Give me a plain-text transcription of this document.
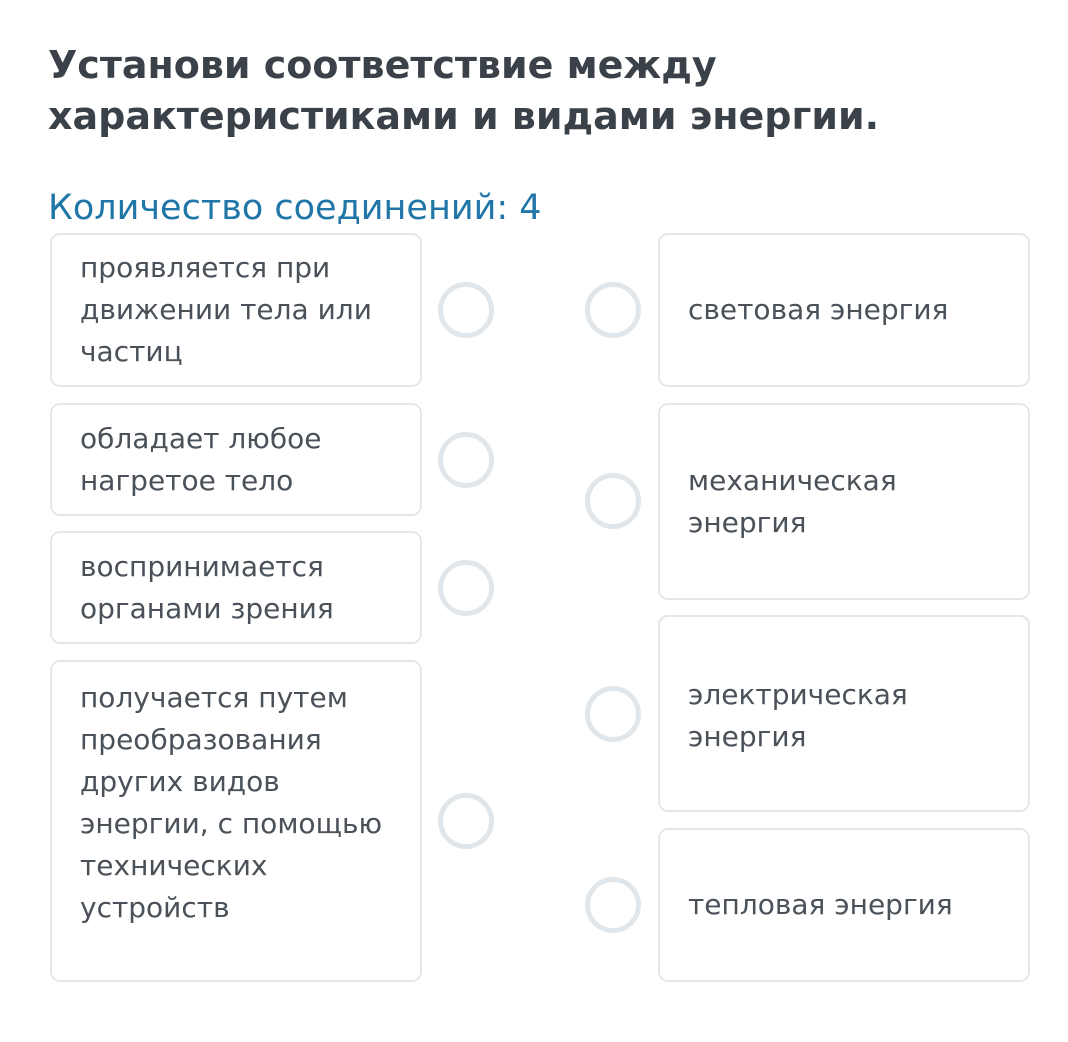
Установи соответствие между характеристиками и видами энергии.
Количество соединений: 4
проявляется при движении тела или частиц
обладает любое нагретое тело
воспринимается органами зрения
получается путем преобразования других видов энергии, с помощью технических устройств
световая энергия
механическая энергия
электрическая энергия
тепловая энергия
